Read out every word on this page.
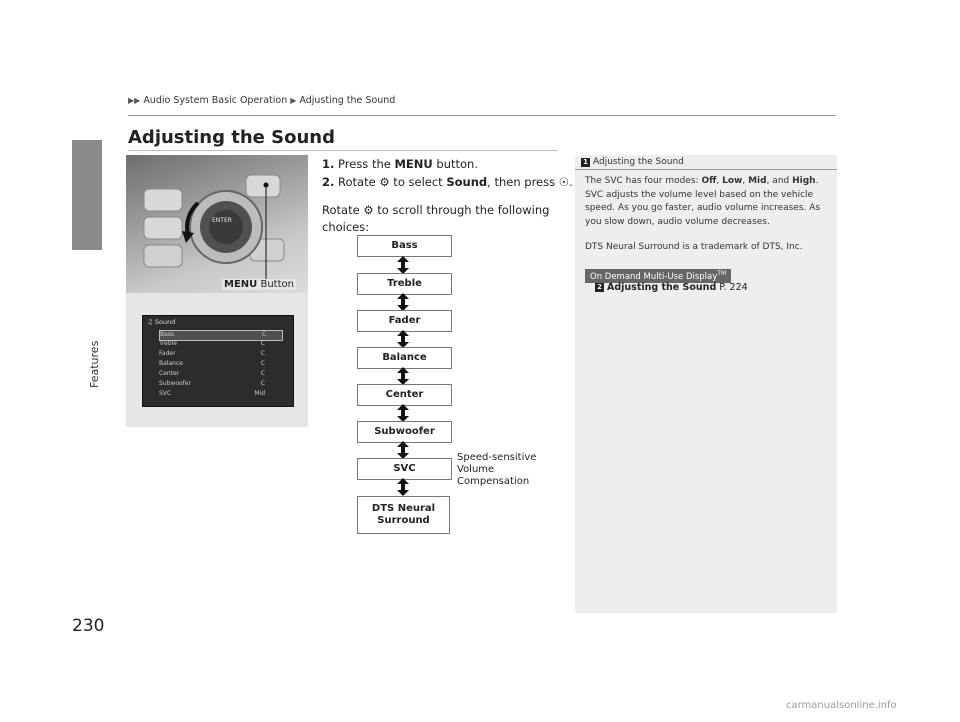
Features
▶▶ Audio System Basic Operation ▶ Adjusting the Sound
Adjusting the Sound
ENTER
MENU Button
♫ Sound
Bass	C
Treble	C
Fader	C
Balance	C
Center	C
Subwoofer	C
SVC	Mid
1. Press the MENU button.
2. Rotate ⚙ to select Sound, then press ☉.
Rotate ⚙ to scroll through the following choices:
Bass
Treble
Fader
Balance
Center
Subwoofer
SVC
DTS Neural Surround
Speed-sensitive
Volume
Compensation
1 Adjusting the Sound
The SVC has four modes: Off, Low, Mid, and High. SVC adjusts the volume level based on the vehicle speed. As you go faster, audio volume increases. As you slow down, audio volume decreases.
DTS Neural Surround is a trademark of DTS, Inc.
On Demand Multi-Use Display™
2 Adjusting the Sound P. 224
230
carmanualsonline.info
